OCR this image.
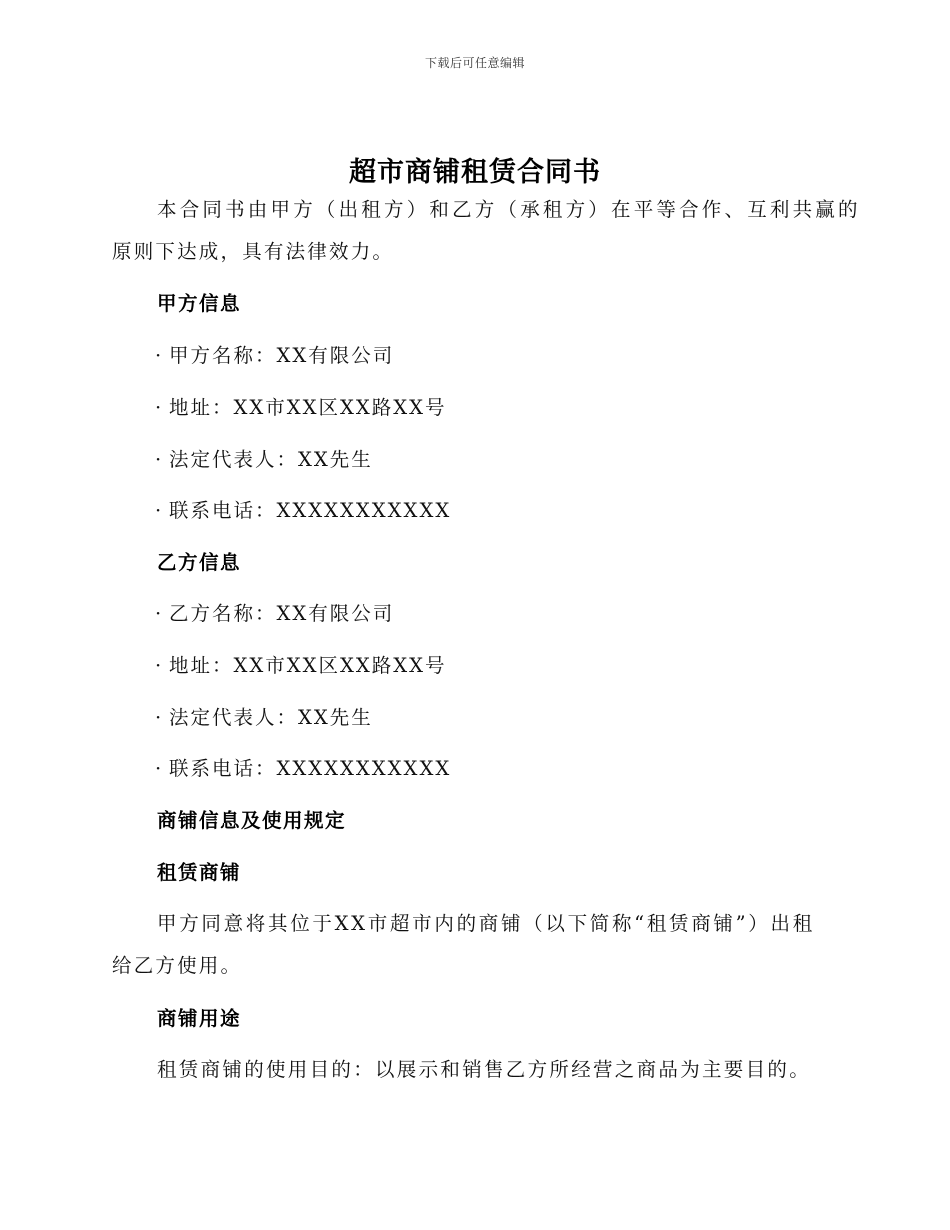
下载后可任意编辑
超市商铺租赁合同书
本合同书由甲方（出租方）和乙方（承租方）在平等合作、互利共赢的
原则下达成，具有法律效力。
甲方信息
· 甲方名称：XX有限公司
· 地址：XX市XX区XX路XX号
· 法定代表人：XX先生
· 联系电话：XXXXXXXXXXX
乙方信息
· 乙方名称：XX有限公司
· 地址：XX市XX区XX路XX号
· 法定代表人：XX先生
· 联系电话：XXXXXXXXXXX
商铺信息及使用规定
租赁商铺
甲方同意将其位于XX市超市内的商铺（以下简称“租赁商铺”）出租
给乙方使用。
商铺用途
租赁商铺的使用目的：以展示和销售乙方所经营之商品为主要目的。
